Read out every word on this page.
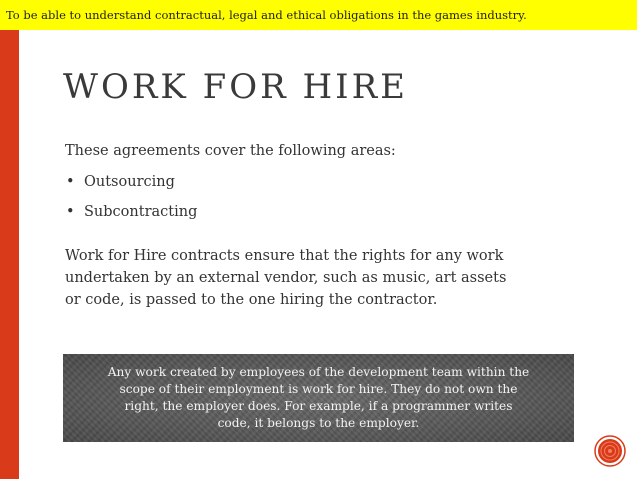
To be able to understand contractual, legal and ethical obligations in the games industry.
WORK FOR HIRE
These agreements cover the following areas:
• Outsourcing
• Subcontracting
Work for Hire contracts ensure that the rights for any work
undertaken by an external vendor, such as music, art assets
or code, is passed to the one hiring the contractor.
Any work created by employees of the development team within the
scope of their employment is work for hire. They do not own the
right, the employer does. For example, if a programmer writes
code, it belongs to the employer.
